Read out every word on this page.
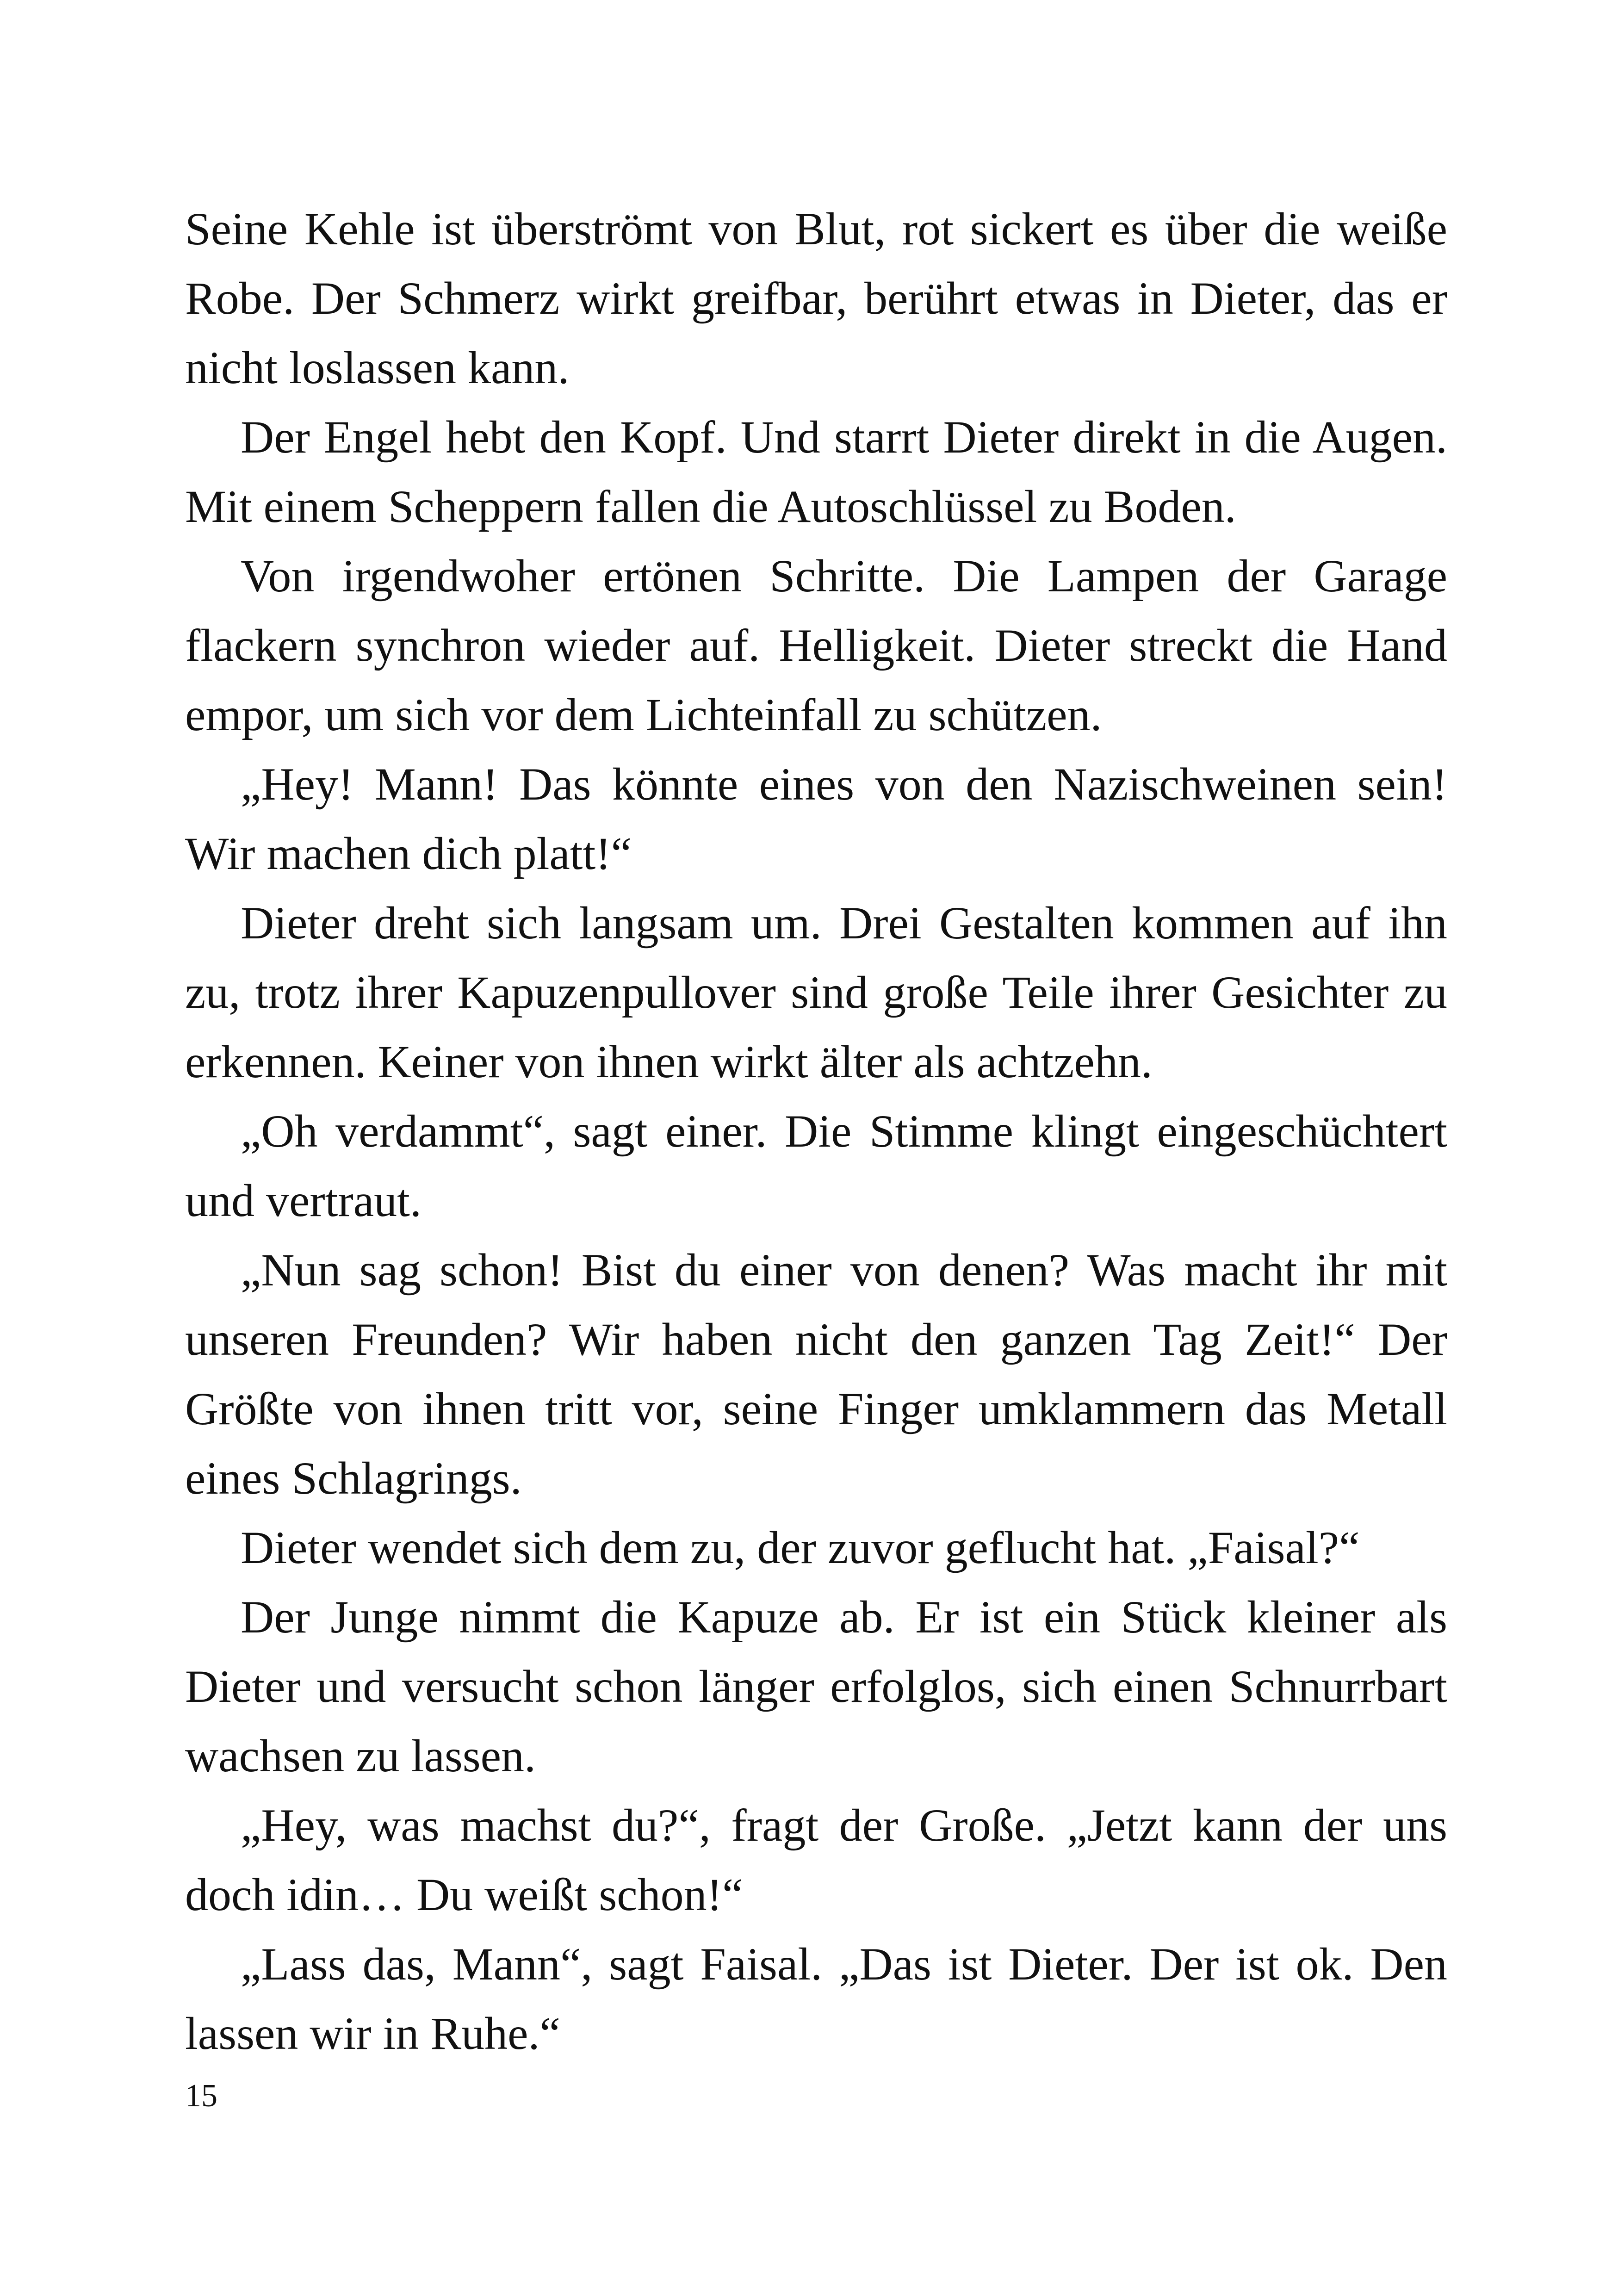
Seine Kehle ist überströmt von Blut, rot sickert es über die weiße Robe. Der Schmerz wirkt greifbar, berührt etwas in Dieter, das er nicht loslassen kann.

Der Engel hebt den Kopf. Und starrt Dieter direkt in die Augen. Mit einem Scheppern fallen die Autoschlüssel zu Boden.

Von irgendwoher ertönen Schritte. Die Lampen der Garage flackern synchron wieder auf. Helligkeit. Dieter streckt die Hand empor, um sich vor dem Lichteinfall zu schützen.

„Hey! Mann! Das könnte eines von den Nazischweinen sein! Wir machen dich platt!“

Dieter dreht sich langsam um. Drei Gestalten kommen auf ihn zu, trotz ihrer Kapuzenpullover sind große Teile ihrer Gesichter zu erkennen. Keiner von ihnen wirkt älter als achtzehn.

„Oh verdammt“, sagt einer. Die Stimme klingt eingeschüchtert und vertraut.

„Nun sag schon! Bist du einer von denen? Was macht ihr mit unseren Freunden? Wir haben nicht den ganzen Tag Zeit!“ Der Größte von ihnen tritt vor, seine Finger umklammern das Metall eines Schlagrings.

Dieter wendet sich dem zu, der zuvor geflucht hat. „Faisal?“

Der Junge nimmt die Kapuze ab. Er ist ein Stück kleiner als Dieter und versucht schon länger erfolglos, sich einen Schnurrbart wachsen zu lassen.

„Hey, was machst du?“, fragt der Große. „Jetzt kann der uns doch idin… Du weißt schon!“

„Lass das, Mann“, sagt Faisal. „Das ist Dieter. Der ist ok. Den lassen wir in Ruhe.“

15
